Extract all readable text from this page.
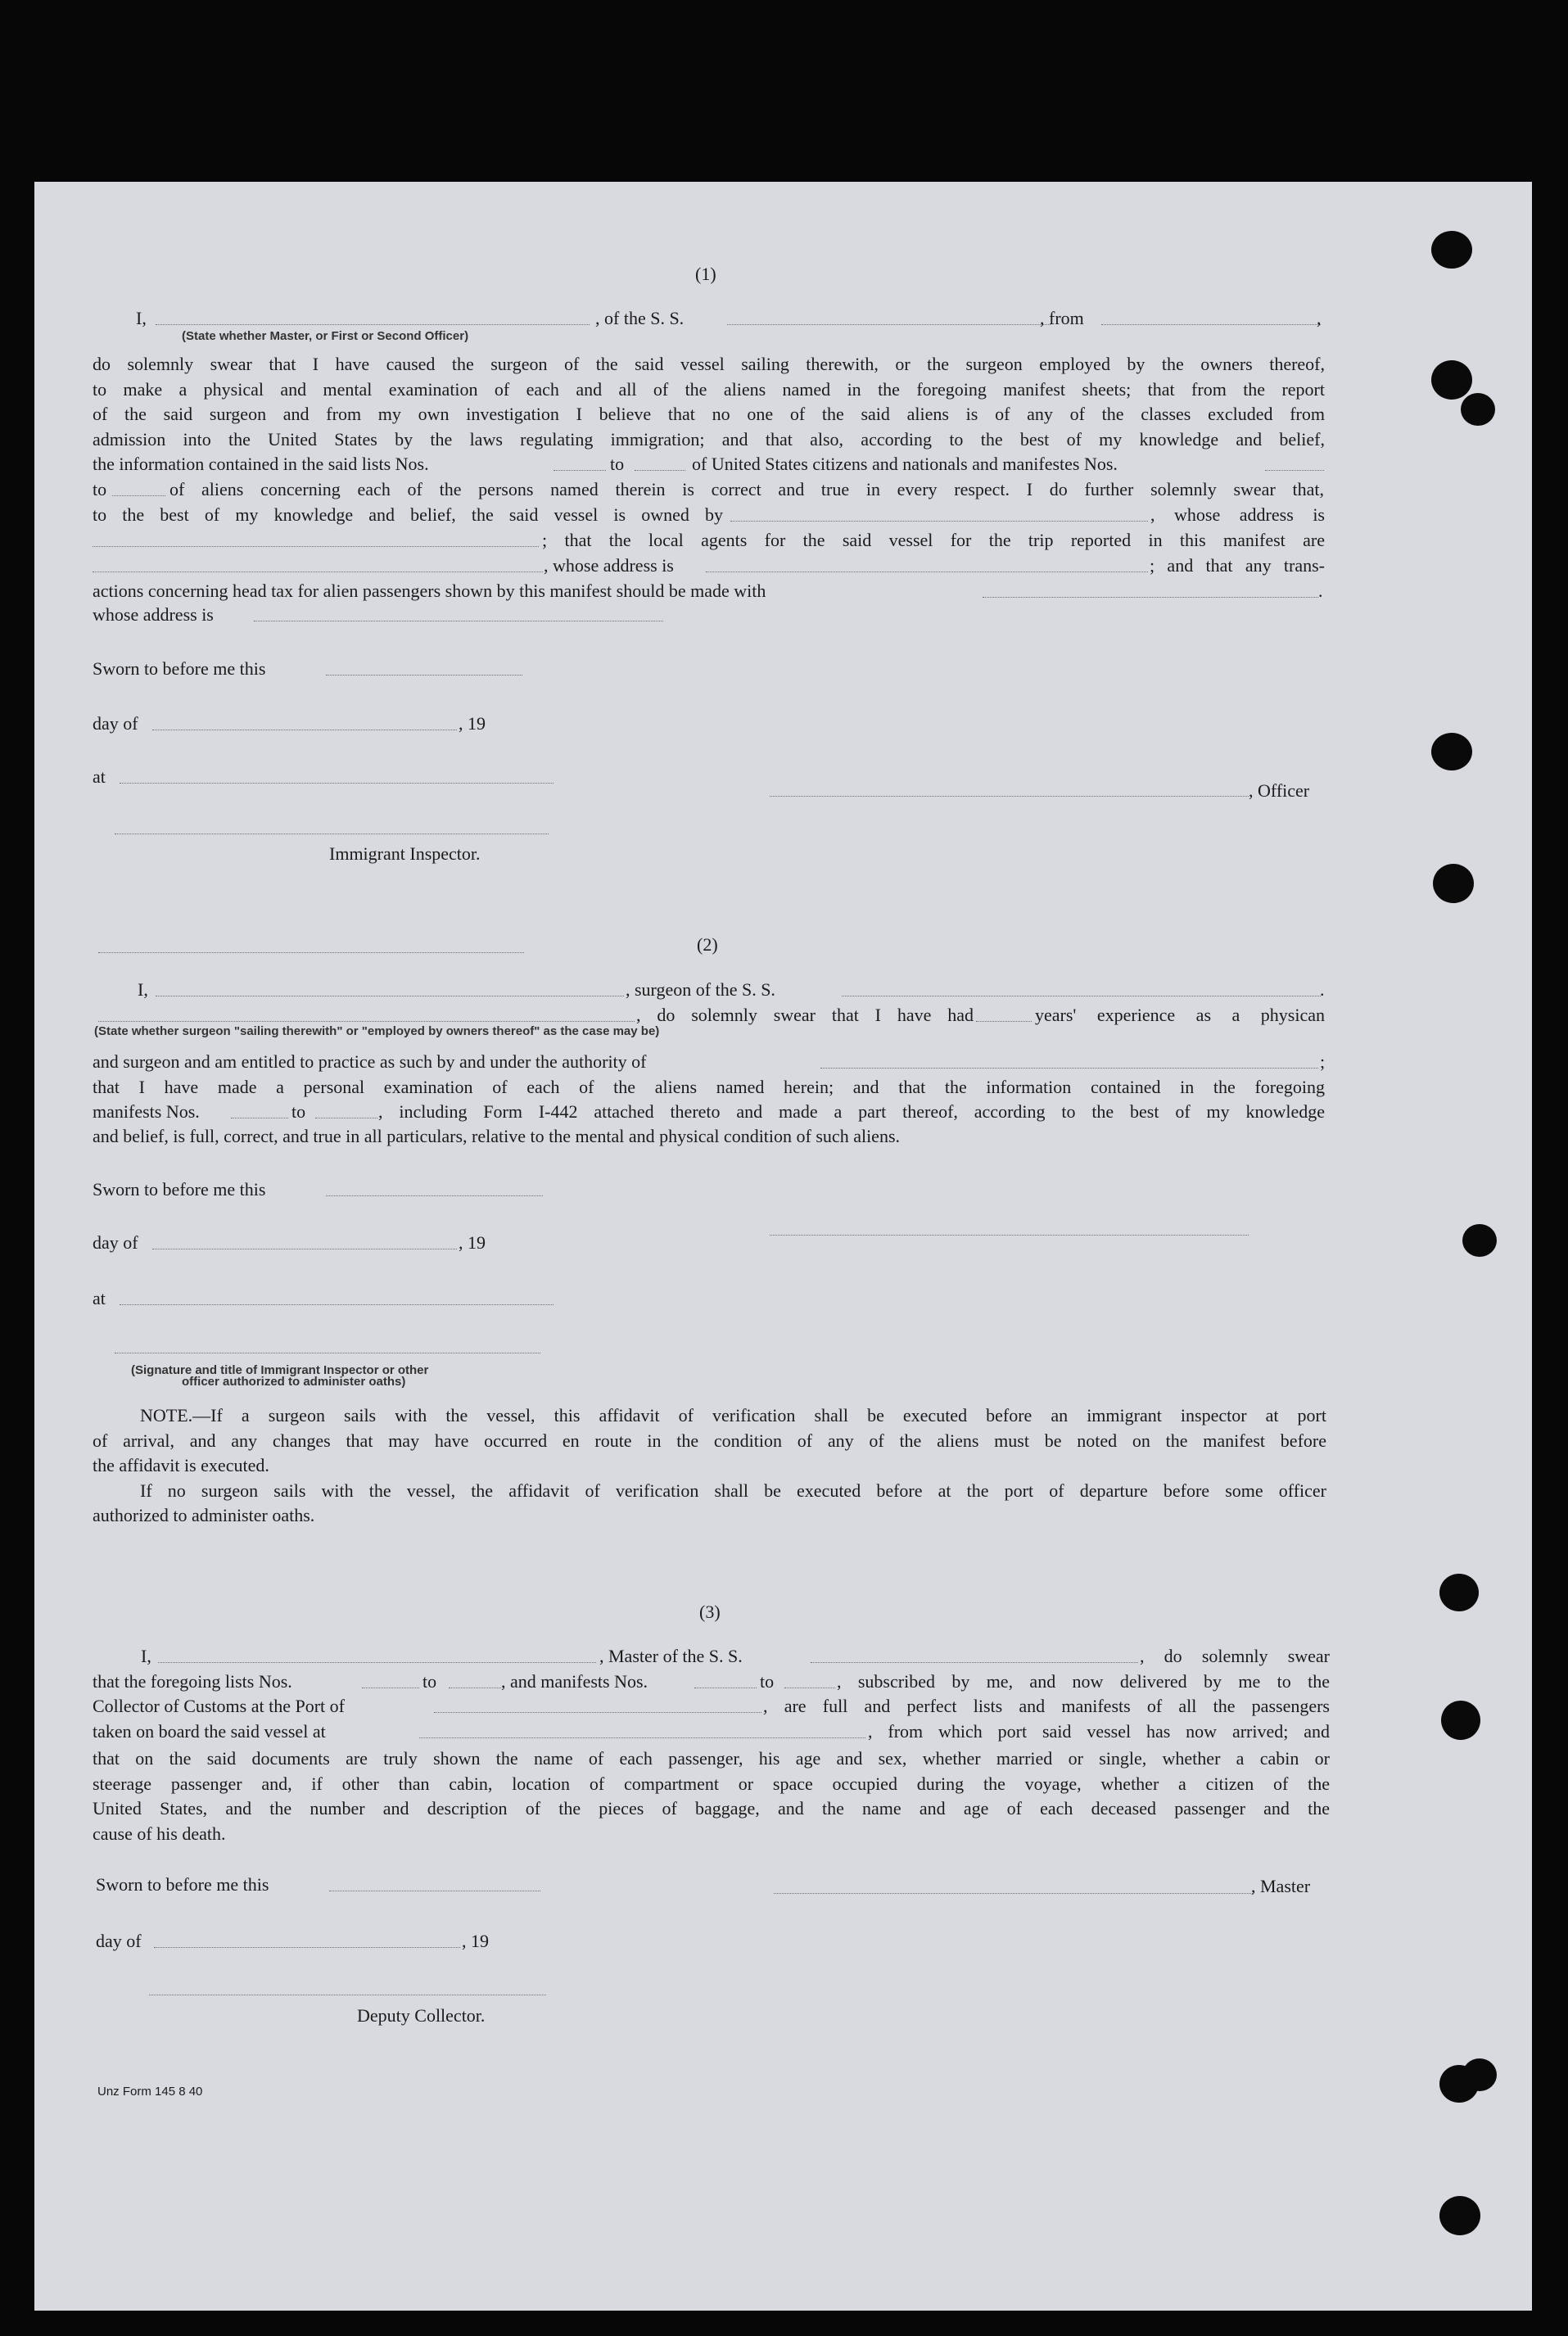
(1)
I,	, of the S. S.	, from	,
(State whether Master, or First or Second Officer)
do solemnly swear that I have caused the surgeon of the said vessel sailing therewith, or the surgeon employed by the owners thereof,
to make a physical and mental examination of each and all of the aliens named in the foregoing manifest sheets; that from the report
of the said surgeon and from my own investigation I believe that no one of the said aliens is of any of the classes excluded from
admission into the United States by the laws regulating immigration; and that also, according to the best of my knowledge and belief,
the information contained in the said lists Nos.	to	of United States citizens and nationals and manifestes Nos.
to	of aliens concerning each of the persons named therein is correct and true in every respect. I do further solemnly swear that,
to the best of my knowledge and belief, the said vessel is owned by	, whose address is
; that the local agents for the said vessel for the trip reported in this manifest are
, whose address is	; and that any trans-
actions concerning head tax for alien passengers shown by this manifest should be made with	.
whose address is
Sworn to before me this
day of	, 19
at
, Officer
Immigrant Inspector.
(2)
I,	, surgeon of the S. S.	.
, do solemnly swear that I have had	years' experience as a physican
(State whether surgeon "sailing therewith" or "employed by owners thereof" as the case may be)
and surgeon and am entitled to practice as such by and under the authority of	;
that I have made a personal examination of each of the aliens named herein; and that the information contained in the foregoing
manifests Nos.	to	, including Form I-442 attached thereto and made a part thereof, according to the best of my knowledge
and belief, is full, correct, and true in all particulars, relative to the mental and physical condition of such aliens.
Sworn to before me this
day of	, 19
at
(Signature and title of Immigrant Inspector or other
officer authorized to administer oaths)
NOTE.—If a surgeon sails with the vessel, this affidavit of verification shall be executed before an immigrant inspector at port
of arrival, and any changes that may have occurred en route in the condition of any of the aliens must be noted on the manifest before
the affidavit is executed.
If no surgeon sails with the vessel, the affidavit of verification shall be executed before at the port of departure before some officer
authorized to administer oaths.
(3)
I,	, Master of the S. S.	, do solemnly swear
that the foregoing lists Nos.	to	, and manifests Nos.	to	, subscribed by me, and now delivered by me to the
Collector of Customs at the Port of	, are full and perfect lists and manifests of all the passengers
taken on board the said vessel at	, from which port said vessel has now arrived; and
that on the said documents are truly shown the name of each passenger, his age and sex, whether married or single, whether a cabin or
steerage passenger and, if other than cabin, location of compartment or space occupied during the voyage, whether a citizen of the
United States, and the number and description of the pieces of baggage, and the name and age of each deceased passenger and the
cause of his death.
Sworn to before me this	, Master
day of	, 19
Deputy Collector.
Unz Form 145 8 40
